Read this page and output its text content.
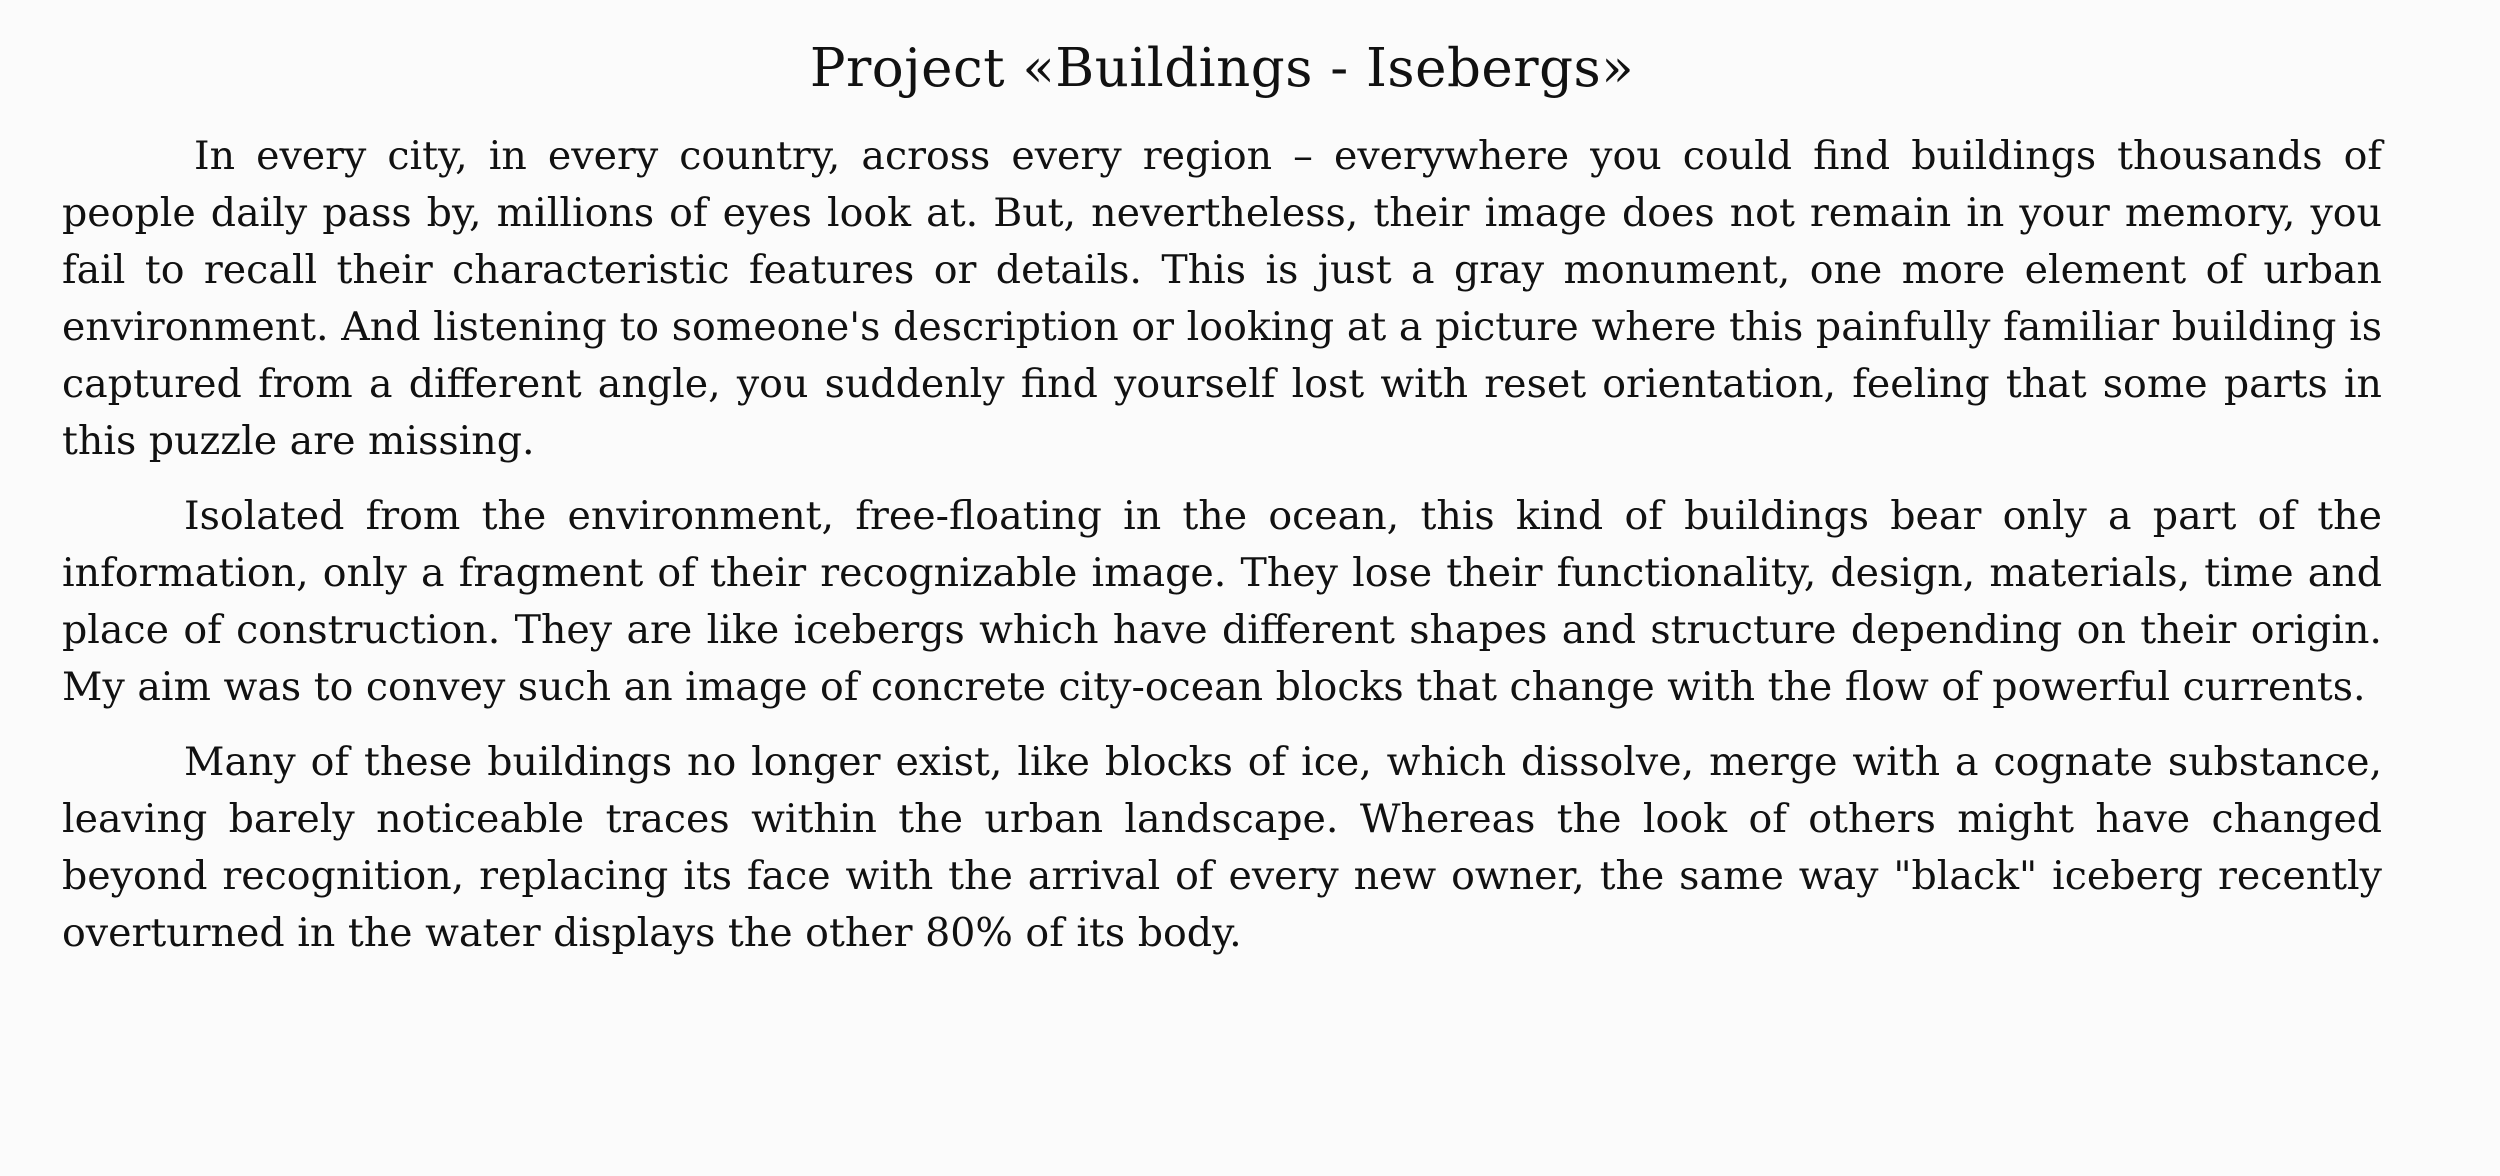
Project «Buildings - Isebergs»

In every city, in every country, across every region – everywhere you could find buildings thousands of people daily pass by, millions of eyes look at. But, nevertheless, their image does not remain in your memory, you fail to recall their characteristic features or details. This is just a gray monument, one more element of urban environment. And listening to someone's description or looking at a picture where this painfully familiar building is captured from a different angle, you suddenly find yourself lost with reset orientation, feeling that some parts in this puzzle are missing.

Isolated from the environment, free-floating in the ocean, this kind of buildings bear only a part of the information, only a fragment of their recognizable image. They lose their functionality, design, materials, time and place of construction. They are like icebergs which have different shapes and structure depending on their origin. My aim was to convey such an image of concrete city-ocean blocks that change with the flow of powerful currents.

Many of these buildings no longer exist, like blocks of ice, which dissolve, merge with a cognate substance, leaving barely noticeable traces within the urban landscape. Whereas the look of others might have changed beyond recognition, replacing its face with the arrival of every new owner, the same way "black" iceberg recently overturned in the water displays the other 80% of its body.
